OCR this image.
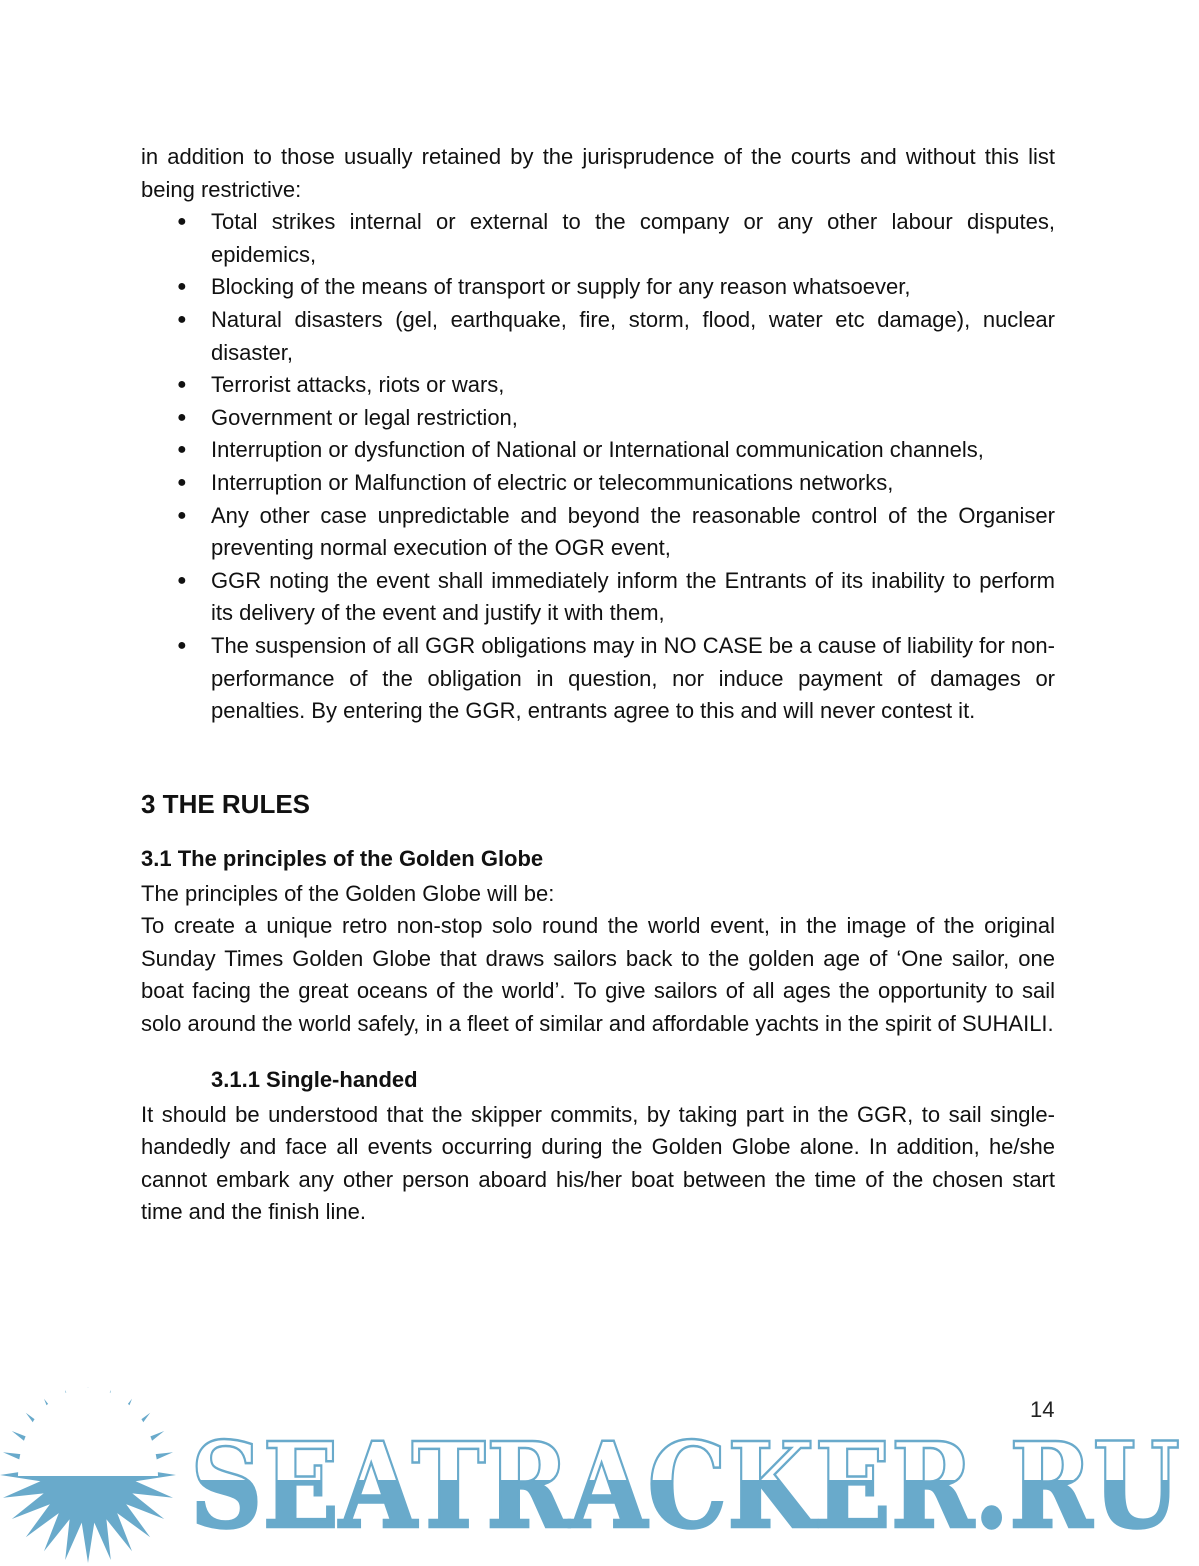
in addition to those usually retained by the jurisprudence of the courts and without this list being restrictive:

● Total strikes internal or external to the company or any other labour disputes, epidemics,
● Blocking of the means of transport or supply for any reason whatsoever,
● Natural disasters (gel, earthquake, fire, storm, flood, water etc damage), nuclear disaster,
● Terrorist attacks, riots or wars,
● Government or legal restriction,
● Interruption or dysfunction of National or International communication channels,
● Interruption or Malfunction of electric or telecommunications networks,
● Any other case unpredictable and beyond the reasonable control of the Organiser preventing normal execution of the OGR event,
● GGR noting the event shall immediately inform the Entrants of its inability to perform its delivery of the event and justify it with them,
● The suspension of all GGR obligations may in NO CASE be a cause of liability for non-performance of the obligation in question, nor induce payment of damages or penalties. By entering the GGR, entrants agree to this and will never contest it.
3 THE RULES
3.1 The principles of the Golden Globe

The principles of the Golden Globe will be:

To create a unique retro non-stop solo round the world event, in the image of the original Sunday Times Golden Globe that draws sailors back to the golden age of ‘One sailor, one boat facing the great oceans of the world’. To give sailors of all ages the opportunity to sail solo around the world safely, in a fleet of similar and affordable yachts in the spirit of SUHAILI.

3.1.1 Single-handed

It should be understood that the skipper commits, by taking part in the GGR, to sail single-handedly and face all events occurring during the Golden Globe alone. In addition, he/she cannot embark any other person aboard his/her boat between the time of the chosen start time and the finish line.

SEATRACKER.RU
14
